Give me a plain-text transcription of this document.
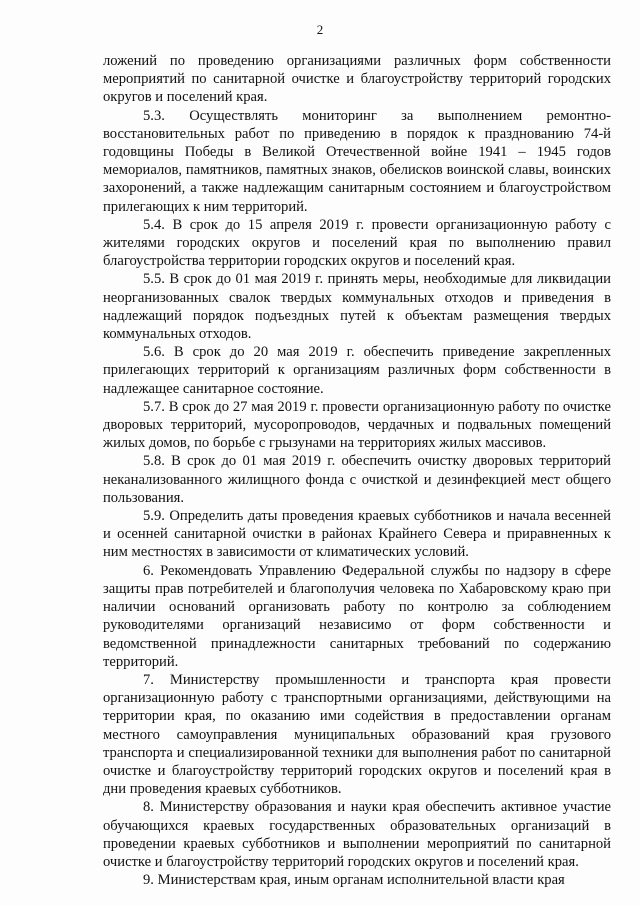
2

ложений по проведению организациями различных форм собственности мероприятий по санитарной очистке и благоустройству территорий городских округов и поселений края.

5.3. Осуществлять мониторинг за выполнением ремонтно-восстановительных работ по приведению в порядок к празднованию 74-й годовщины Победы в Великой Отечественной войне 1941 – 1945 годов мемориалов, памятников, памятных знаков, обелисков воинской славы, воинских захоронений, а также надлежащим санитарным состоянием и благоустройством прилегающих к ним территорий.

5.4. В срок до 15 апреля 2019 г. провести организационную работу с жителями городских округов и поселений края по выполнению правил благоустройства территории городских округов и поселений края.

5.5. В срок до 01 мая 2019 г. принять меры, необходимые для ликвидации неорганизованных свалок твердых коммунальных отходов и приведения в надлежащий порядок подъездных путей к объектам размещения твердых коммунальных отходов.

5.6. В срок до 20 мая 2019 г. обеспечить приведение закрепленных прилегающих территорий к организациям различных форм собственности в надлежащее санитарное состояние.

5.7. В срок до 27 мая 2019 г. провести организационную работу по очистке дворовых территорий, мусоропроводов, чердачных и подвальных помещений жилых домов, по борьбе с грызунами на территориях жилых массивов.

5.8. В срок до 01 мая 2019 г. обеспечить очистку дворовых территорий неканализованного жилищного фонда с очисткой и дезинфекцией мест общего пользования.

5.9. Определить даты проведения краевых субботников и начала весенней и осенней санитарной очистки в районах Крайнего Севера и приравненных к ним местностях в зависимости от климатических условий.

6. Рекомендовать Управлению Федеральной службы по надзору в сфере защиты прав потребителей и благополучия человека по Хабаровскому краю при наличии оснований организовать работу по контролю за соблюдением руководителями организаций независимо от форм собственности и ведомственной принадлежности санитарных требований по содержанию территорий.

7. Министерству промышленности и транспорта края провести организационную работу с транспортными организациями, действующими на территории края, по оказанию ими содействия в предоставлении органам местного самоуправления муниципальных образований края грузового транспорта и специализированной техники для выполнения работ по санитарной очистке и благоустройству территорий городских округов и поселений края в дни проведения краевых субботников.

8. Министерству образования и науки края обеспечить активное участие обучающихся краевых государственных образовательных организаций в проведении краевых субботников и выполнении мероприятий по санитарной очистке и благоустройству территорий городских округов и поселений края.

9. Министерствам края, иным органам исполнительной власти края
